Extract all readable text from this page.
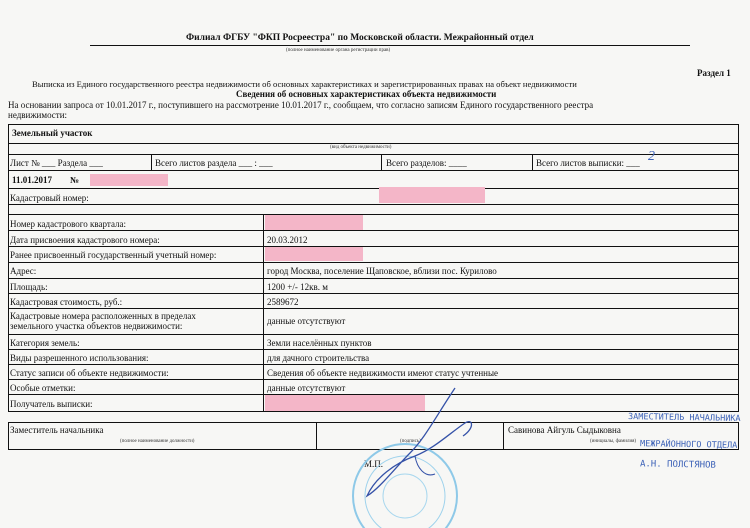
Филиал ФГБУ "ФКП Росреестра" по Московской области. Межрайонный отдел
(полное наименование органа регистрации прав)
Раздел 1
Выписка из Единого государственного реестра недвижимости об основных характеристиках и зарегистрированных правах на объект недвижимости
Сведения об основных характеристиках объекта недвижимости
На основании запроса от 10.01.2017 г., поступившего на рассмотрение 10.01.2017 г., сообщаем, что согласно записям Единого государственного реестра
недвижимости:
Земельный участок
(вид объекта недвижимости)
Лист № ___ Раздела ___	Всего листов раздела ___ : ___	Всего разделов: ____	Всего листов выписки: ___ 2
11.01.2017 №
Кадастровый номер:
Номер кадастрового квартала:
Дата присвоения кадастрового номера:	20.03.2012
Ранее присвоенный государственный учетный номер:
Адрес:	город Москва, поселение Щаповское, вблизи пос. Курилово
Площадь:	1200 +/- 12кв. м
Кадастровая стоимость, руб.:	2589672
Кадастровые номера расположенных в пределах
земельного участка объектов недвижимости:	данные отсутствуют
Категория земель:	Земли населённых пунктов
Виды разрешенного использования:	для дачного строительства
Статус записи об объекте недвижимости:	Сведения об объекте недвижимости имеют статус учтенные
Особые отметки:	данные отсутствуют
Получатель выписки:
Заместитель начальника
(полное наименование должности)	(подпись)
Савинова Айгуль Сыдыковна
(инициалы, фамилия)
М.П.
ЗАМЕСТИТЕЛЬ НАЧАЛЬНИКА
МЕЖРАЙОННОГО ОТДЕЛА
А.Н. ПОЛСТЯНОВ
